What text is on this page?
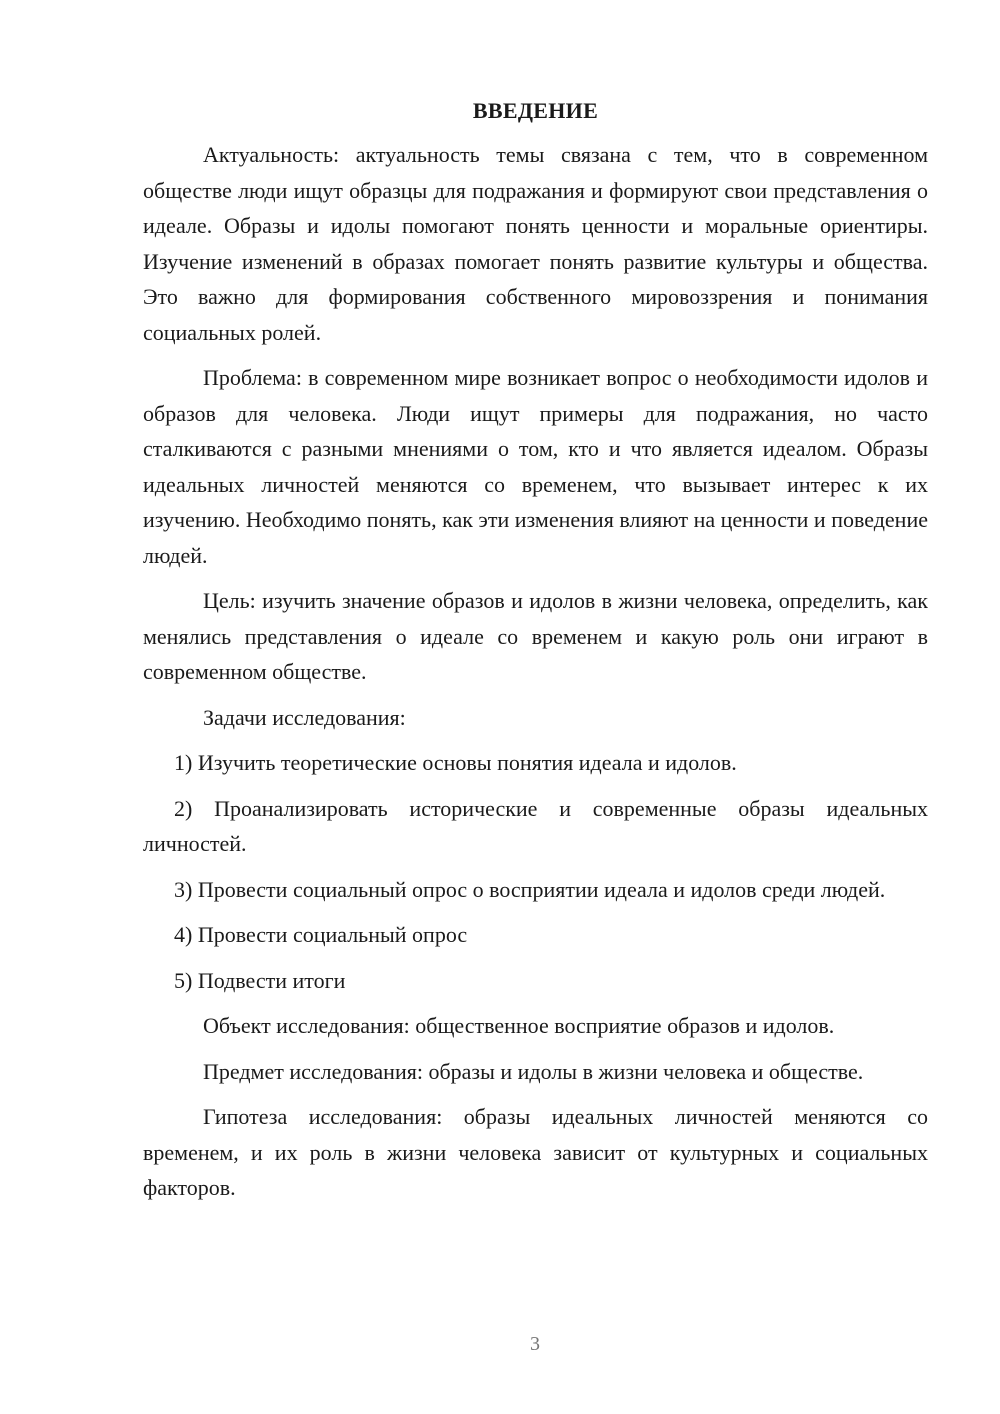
ВВЕДЕНИЕ

Актуальность: актуальность темы связана с тем, что в современном обществе люди ищут образцы для подражания и формируют свои представления о идеале. Образы и идолы помогают понять ценности и моральные ориентиры. Изучение изменений в образах помогает понять развитие культуры и общества. Это важно для формирования собственного мировоззрения и понимания социальных ролей.

Проблема: в современном мире возникает вопрос о необходимости идолов и образов для человека. Люди ищут примеры для подражания, но часто сталкиваются с разными мнениями о том, кто и что является идеалом. Образы идеальных личностей меняются со временем, что вызывает интерес к их изучению. Необходимо понять, как эти изменения влияют на ценности и поведение людей.

Цель: изучить значение образов и идолов в жизни человека, определить, как менялись представления о идеале со временем и какую роль они играют в современном обществе.

Задачи исследования:

1) Изучить теоретические основы понятия идеала и идолов.

2) Проанализировать исторические и современные образы идеальных личностей.

3) Провести социальный опрос о восприятии идеала и идолов среди людей.

4) Провести социальный опрос

5) Подвести итоги

Объект исследования: общественное восприятие образов и идолов.

Предмет исследования: образы и идолы в жизни человека и обществе.

Гипотеза исследования: образы идеальных личностей меняются со временем, и их роль в жизни человека зависит от культурных и социальных факторов.

3
